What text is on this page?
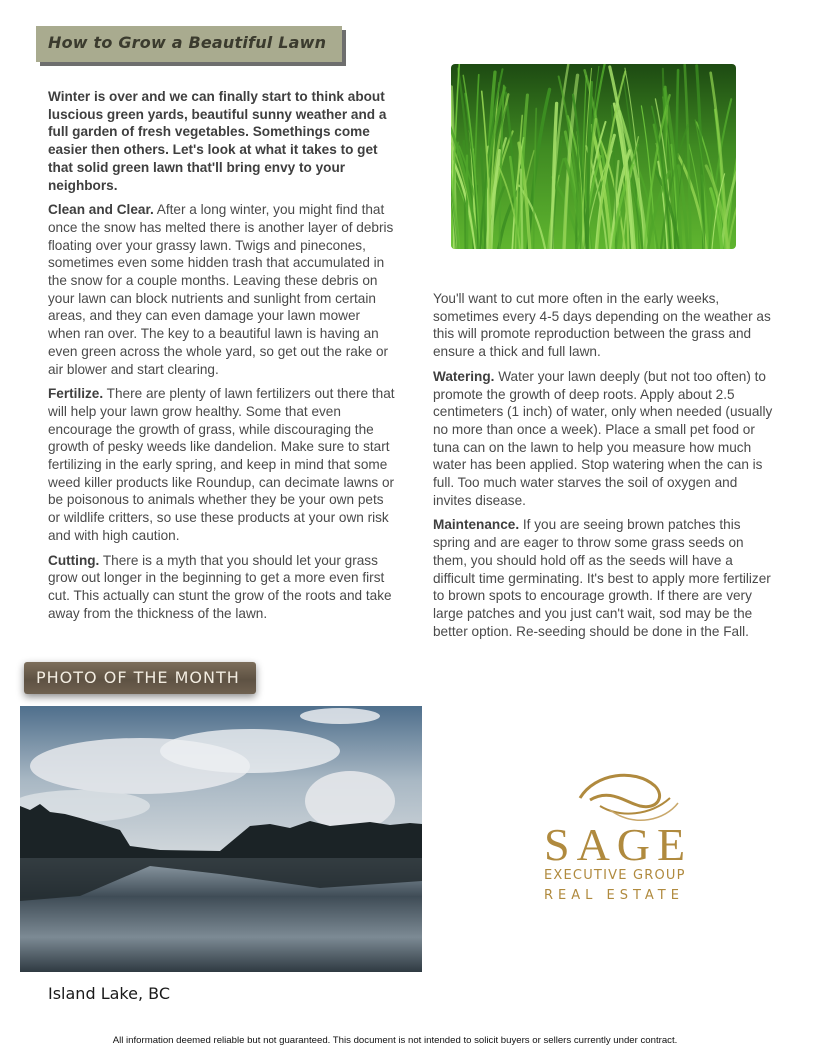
How to Grow a Beautiful Lawn

Winter is over and we can finally start to think about luscious green yards, beautiful sunny weather and a full garden of fresh vegetables. Somethings come easier then others. Let's look at what it takes to get that solid green lawn that'll bring envy to your neighbors.

Clean and Clear. After a long winter, you might find that once the snow has melted there is another layer of debris floating over your grassy lawn. Twigs and pinecones, sometimes even some hidden trash that accumulated in the snow for a couple months. Leaving these debris on your lawn can block nutrients and sunlight from certain areas, and they can even damage your lawn mower when ran over. The key to a beautiful lawn is having an even green across the whole yard, so get out the rake or air blower and start clearing.

Fertilize. There are plenty of lawn fertilizers out there that will help your lawn grow healthy. Some that even encourage the growth of grass, while discouraging the growth of pesky weeds like dandelion. Make sure to start fertilizing in the early spring, and keep in mind that some weed killer products like Roundup, can decimate lawns or be poisonous to animals whether they be your own pets or wildlife critters, so use these products at your own risk and with high caution.

Cutting. There is a myth that you should let your grass grow out longer in the beginning to get a more even first cut. This actually can stunt the grow of the roots and take away from the thickness of the lawn.

You'll want to cut more often in the early weeks, sometimes every 4-5 days depending on the weather as this will promote reproduction between the grass and ensure a thick and full lawn.

Watering. Water your lawn deeply (but not too often) to promote the growth of deep roots. Apply about 2.5 centimeters (1 inch) of water, only when needed (usually no more than once a week). Place a small pet food or tuna can on the lawn to help you measure how much water has been applied. Stop watering when the can is full. Too much water starves the soil of oxygen and invites disease.

Maintenance. If you are seeing brown patches this spring and are eager to throw some grass seeds on them, you should hold off as the seeds will have a difficult time germinating. It's best to apply more fertilizer to brown spots to encourage growth. If there are very large patches and you just can't wait, sod may be the better option. Re-seeding should be done in the Fall.

PHOTO OF THE MONTH
Island Lake, BC
SAGE
EXECUTIVE GROUP
REAL ESTATE
All information deemed reliable but not guaranteed. This document is not intended to solicit buyers or sellers currently under contract.
